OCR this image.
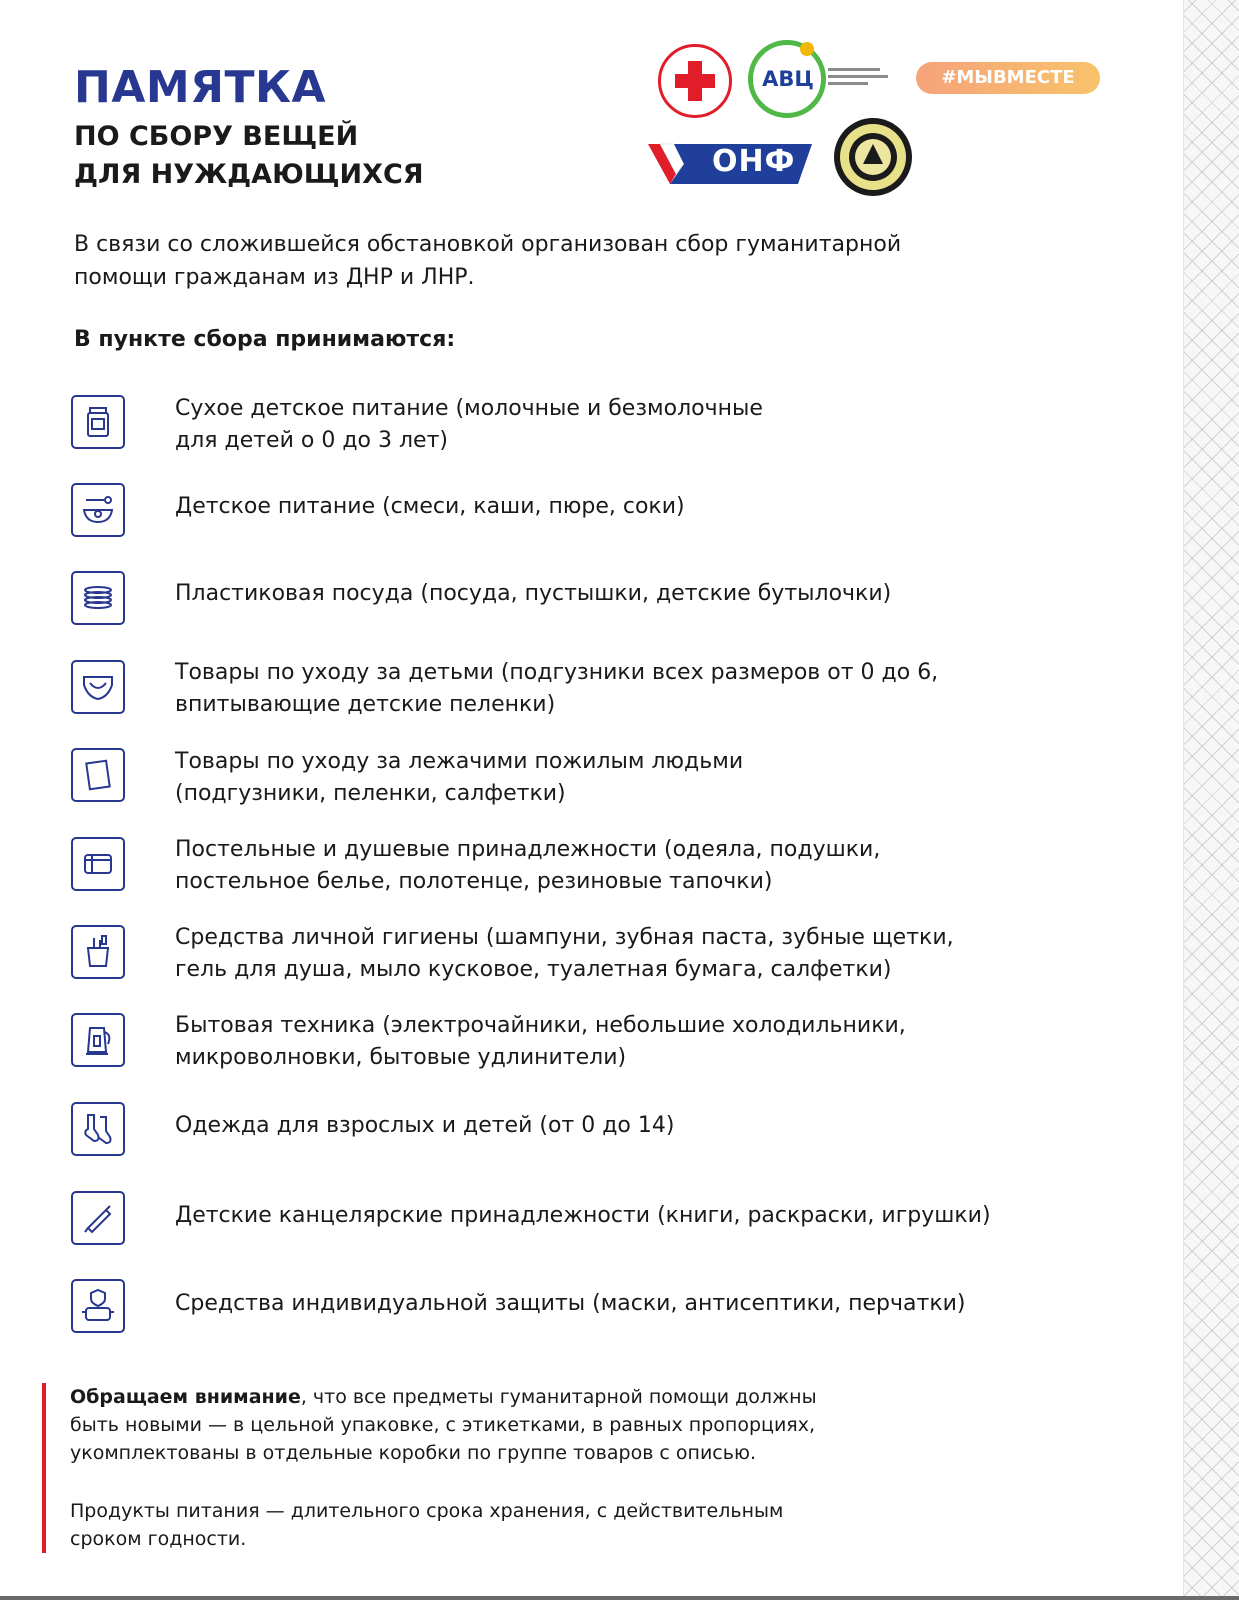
ПАМЯТКА
ПО СБОРУ ВЕЩЕЙ
ДЛЯ НУЖДАЮЩИХСЯ
АВЦ	#МЫВМЕСТЕ
ОНФ

В связи со сложившейся обстановкой организован сбор гуманитарной
помощи гражданам из ДНР и ЛНР.

В пункте сбора принимаются:

Сухое детское питание (молочные и безмолочные
для детей о 0 до 3 лет)

Детское питание (смеси, каши, пюре, соки)

Пластиковая посуда (посуда, пустышки, детские бутылочки)

Товары по уходу за детьми (подгузники всех размеров от 0 до 6,
впитывающие детские пеленки)

Товары по уходу за лежачими пожилым людьми
(подгузники, пеленки, салфетки)

Постельные и душевые принадлежности (одеяла, подушки,
постельное белье, полотенце, резиновые тапочки)

Средства личной гигиены (шампуни, зубная паста, зубные щетки,
гель для душа, мыло кусковое, туалетная бумага, салфетки)

Бытовая техника (электрочайники, небольшие холодильники,
микроволновки, бытовые удлинители)

Одежда для взрослых и детей (от 0 до 14)

Детские канцелярские принадлежности (книги, раскраски, игрушки)

Средства индивидуальной защиты (маски, антисептики, перчатки)

Обращаем внимание, что все предметы гуманитарной помощи должны
быть новыми — в цельной упаковке, с этикетками, в равных пропорциях,
укомплектованы в отдельные коробки по группе товаров с описью.

Продукты питания — длительного срока хранения, с действительным
сроком годности.
